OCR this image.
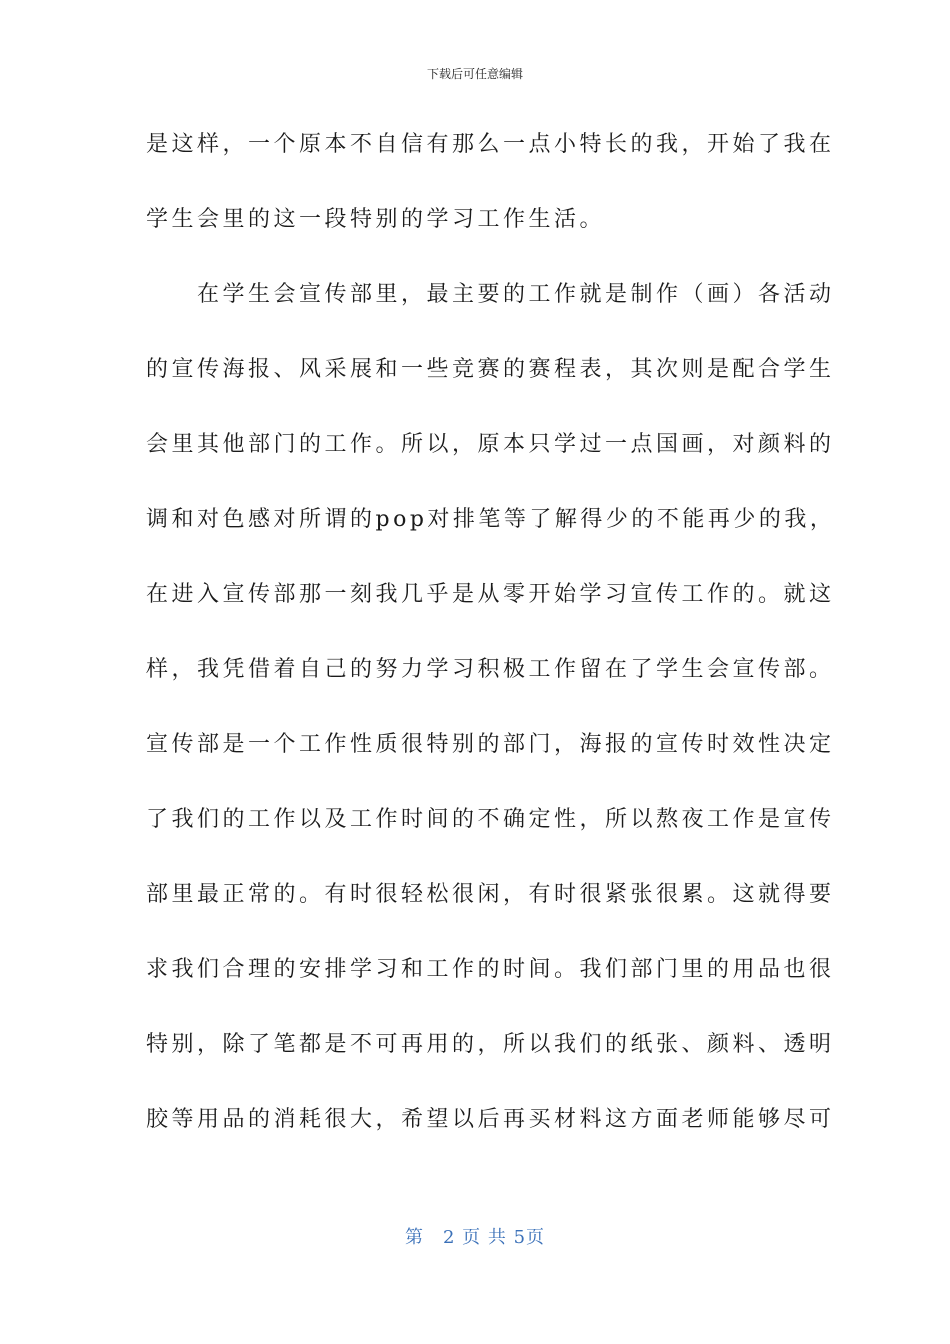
下载后可任意编辑
是这样，一个原本不自信有那么一点小特长的我，开始了我在
学生会里的这一段特别的学习工作生活。
　　在学生会宣传部里，最主要的工作就是制作（画）各活动
的宣传海报、风采展和一些竞赛的赛程表，其次则是配合学生
会里其他部门的工作。所以，原本只学过一点国画，对颜料的
调和对色感对所谓的pop对排笔等了解得少的不能再少的我，
在进入宣传部那一刻我几乎是从零开始学习宣传工作的。就这
样，我凭借着自己的努力学习积极工作留在了学生会宣传部。
宣传部是一个工作性质很特别的部门，海报的宣传时效性决定
了我们的工作以及工作时间的不确定性，所以熬夜工作是宣传
部里最正常的。有时很轻松很闲，有时很紧张很累。这就得要
求我们合理的安排学习和工作的时间。我们部门里的用品也很
特别，除了笔都是不可再用的，所以我们的纸张、颜料、透明
胶等用品的消耗很大，希望以后再买材料这方面老师能够尽可
第　2 页 共 5页
